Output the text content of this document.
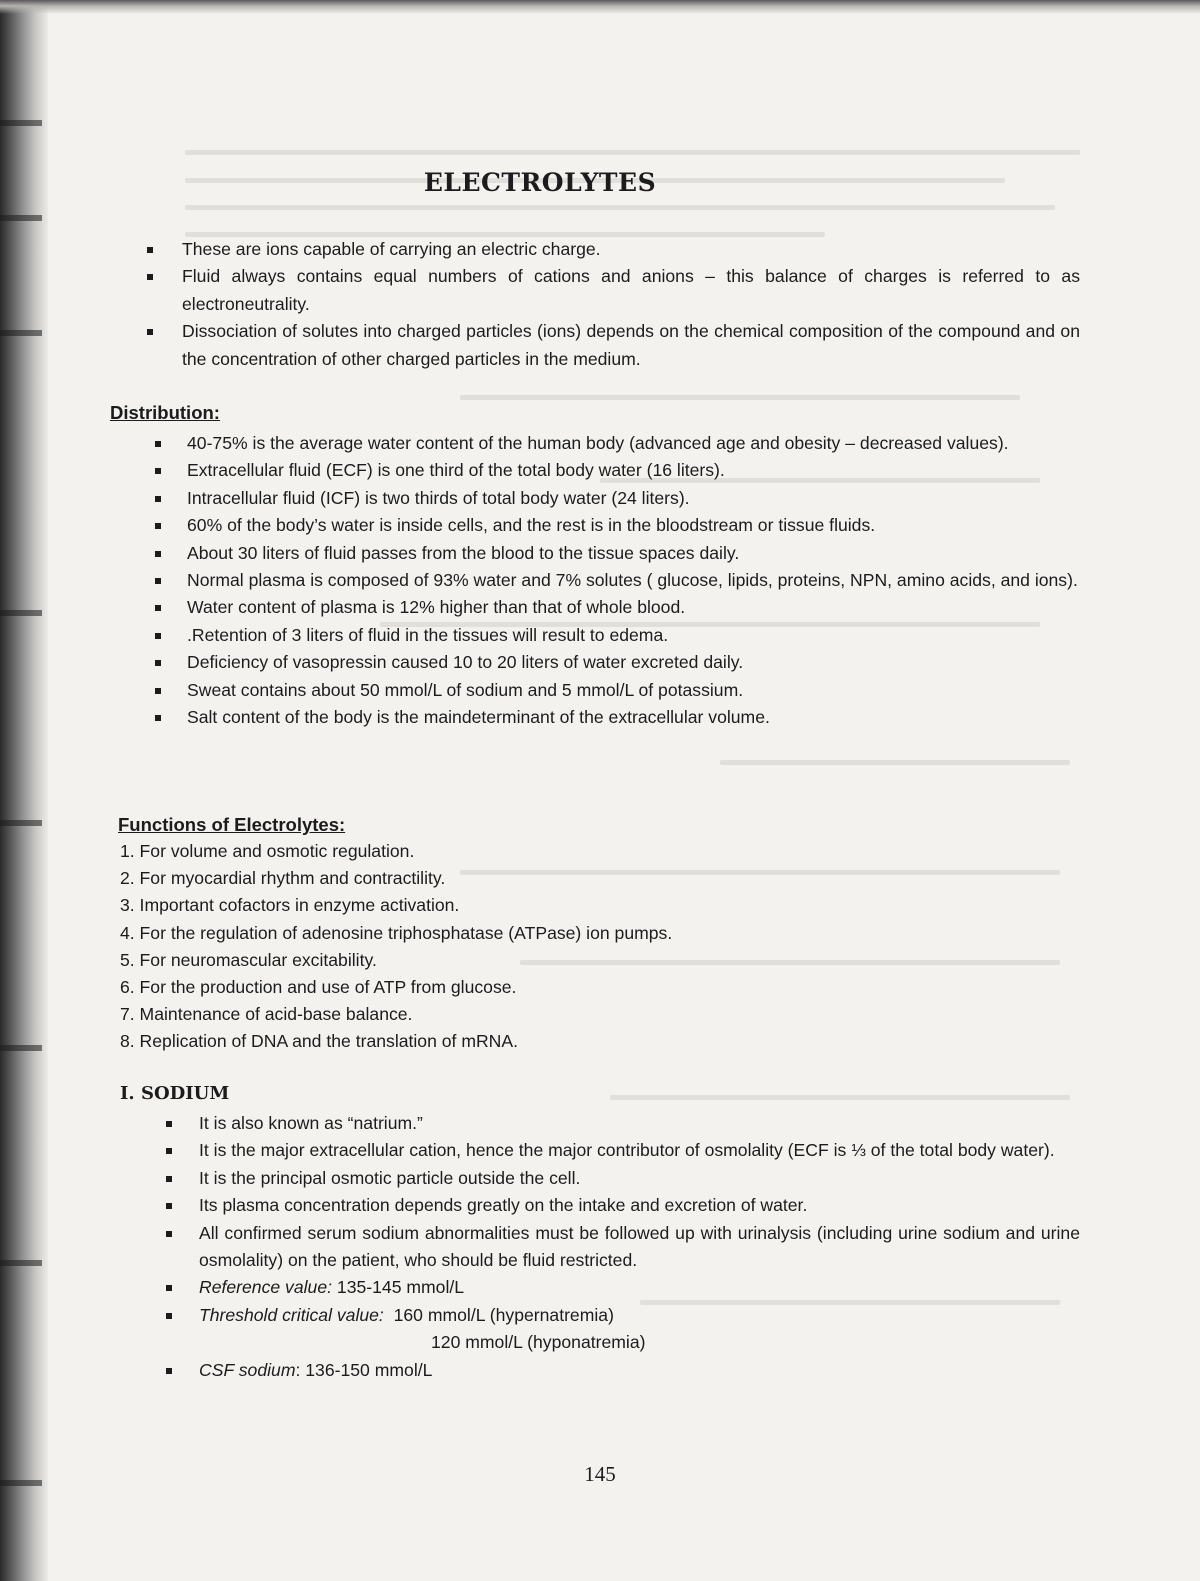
ELECTROLYTES
These are ions capable of carrying an electric charge.
Fluid always contains equal numbers of cations and anions – this balance of charges is referred to as electroneutrality.
Dissociation of solutes into charged particles (ions) depends on the chemical composition of the compound and on the concentration of other charged particles in the medium.
Distribution:
40-75% is the average water content of the human body (advanced age and obesity – decreased values).
Extracellular fluid (ECF) is one third of the total body water (16 liters).
Intracellular fluid (ICF) is two thirds of total body water (24 liters).
60% of the body’s water is inside cells, and the rest is in the bloodstream or tissue fluids.
About 30 liters of fluid passes from the blood to the tissue spaces daily.
Normal plasma is composed of 93% water and 7% solutes ( glucose, lipids, proteins, NPN, amino acids, and ions).
Water content of plasma is 12% higher than that of whole blood.
.Retention of 3 liters of fluid in the tissues will result to edema.
Deficiency of vasopressin caused 10 to 20 liters of water excreted daily.
Sweat contains about 50 mmol/L of sodium and 5 mmol/L of potassium.
Salt content of the body is the maindeterminant of the extracellular volume.
Functions of Electrolytes:
1. For volume and osmotic regulation.
2. For myocardial rhythm and contractility.
3. Important cofactors in enzyme activation.
4. For the regulation of adenosine triphosphatase (ATPase) ion pumps.
5. For neuromascular excitability.
6. For the production and use of ATP from glucose.
7. Maintenance of acid-base balance.
8. Replication of DNA and the translation of mRNA.
I. SODIUM
It is also known as “natrium.”
It is the major extracellular cation, hence the major contributor of osmolality (ECF is ⅓ of the total body water).
It is the principal osmotic particle outside the cell.
Its plasma concentration depends greatly on the intake and excretion of water.
All confirmed serum sodium abnormalities must be followed up with urinalysis (including urine sodium and urine osmolality) on the patient, who should be fluid restricted.
Reference value: 135-145 mmol/L
Threshold critical value: 160 mmol/L (hypernatremia)
120 mmol/L (hyponatremia)
CSF sodium: 136-150 mmol/L
145
